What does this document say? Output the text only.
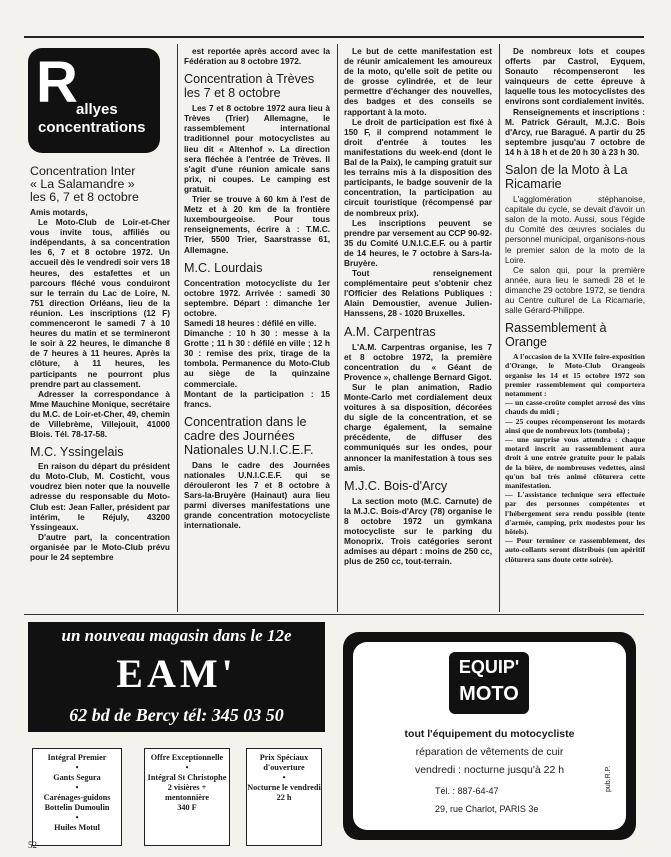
R
allyes
concentrations
Concentration Inter
« La Salamandre »
les 6, 7 et 8 octobre

Amis motards,

Le Moto-Club de Loir-et-Cher vous invite tous, affiliés ou indépendants, à sa concentration les 6, 7 et 8 octobre 1972. Un accueil dès le vendredi soir vers 18 heures, des estafettes et un parcours fléché vous conduiront sur le terrain du Lac de Loire, N. 751 direction Orléans, lieu de la réunion. Les inscriptions (12 F) commenceront le samedi 7 à 10 heures du matin et se termineront le soir à 22 heures, le dimanche 8 de 7 heures à 11 heures. Après la clôture, à 11 heures, les participants ne pourront plus prendre part au classement.

Adresser la correspondance à Mme Mauchine Monique, secrétaire du M.C. de Loir-et-Cher, 49, chemin de Villebrème, Villejouit, 41000 Blois. Tél. 78-17-58.

M.C. Yssingelais

En raison du départ du président du Moto-Club, M. Costicht, vous voudrez bien noter que la nouvelle adresse du responsable du Moto-Club est: Jean Faller, président par intérim, le Réjuly, 43200 Yssingeaux.

D'autre part, la concentration organisée par le Moto-Club prévu pour le 24 septembre

est reportée après accord avec la Fédération au 8 octobre 1972.

Concentration à Trèves
les 7 et 8 octobre

Les 7 et 8 octobre 1972 aura lieu à Trèves (Trier) Allemagne, le rassemblement international traditionnel pour motocyclistes au lieu dit « Altenhof ». La direction sera fléchée à l'entrée de Trèves. Il s'agit d'une réunion amicale sans prix, ni coupes. Le camping est gratuit.

Trier se trouve à 60 km à l'est de Metz et à 20 km de la frontière luxembourgeoise. Pour tous renseignements, écrire à : T.M.C. Trier, 5500 Trier, Saarstrasse 61, Allemagne.

M.C. Lourdais

Concentration motocycliste du 1er octobre 1972. Arrivée : samedi 30 septembre. Départ : dimanche 1er octobre.

Samedi 18 heures : défilé en ville.

Dimanche : 10 h 30 : messe à la Grotte ; 11 h 30 : défilé en ville ; 12 h 30 : remise des prix, tirage de la tombola. Permanence du Moto-Club au siège de la quinzaine commerciale.

Montant de la participation : 15 francs.

Concentration dans le cadre des Journées Nationales U.N.I.C.E.F.

Dans le cadre des Journées nationales U.N.I.C.E.F. qui se dérouleront les 7 et 8 octobre à Sars-la-Bruyère (Hainaut) aura lieu parmi diverses manifestations une grande concentration motocycliste internationale.

Le but de cette manifestation est de réunir amicalement les amoureux de la moto, qu'elle soit de petite ou de grosse cylindrée, et de leur permettre d'échanger des nouvelles, des badges et des conseils se rapportant à la moto.

Le droit de participation est fixé à 150 F, il comprend notamment le droit d'entrée à toutes les manifestations du week-end (dont le Bal de la Paix), le camping gratuit sur les terrains mis à la disposition des participants, le badge souvenir de la concentration, la participation au circuit touristique (récompensé par de nombreux prix).

Les inscriptions peuvent se prendre par versement au CCP 90-92-35 du Comité U.N.I.C.E.F. ou à partir de 14 heures, le 7 octobre à Sars-la-Bruyère.

Tout renseignement complémentaire peut s'obtenir chez l'Officier des Relations Publiques : Alain Demoustier, avenue Julien-Hanssens, 28 - 1020 Bruxelles.

A.M. Carpentras

L'A.M. Carpentras organise, les 7 et 8 octobre 1972, la première concentration du « Géant de Provence », challenge Bernard Gigot.

Sur le plan animation, Radio Monte-Carlo met cordialement deux voitures à sa disposition, décorées du sigle de la concentration, et se charge également, la semaine précédente, de diffuser des communiqués sur les ondes, pour annoncer la manifestation à tous ses amis.

M.J.C. Bois-d'Arcy

La section moto (M.C. Carnute) de la M.J.C. Bois-d'Arcy (78) organise le 8 octobre 1972 un gymkana motocycliste sur le parking du Monoprix. Trois catégories seront admises au départ : moins de 250 cc, plus de 250 cc, tout-terrain.

De nombreux lots et coupes offerts par Castrol, Eyquem, Sonauto récompenseront les vainqueurs de cette épreuve à laquelle tous les motocyclistes des environs sont cordialement invités.

Renseignements et inscriptions : M. Patrick Gérault, M.J.C. Bois d'Arcy, rue Baragué. A partir du 25 septembre jusqu'au 7 octobre de 14 h à 18 h et de 20 h 30 à 23 h 30.

Salon de la Moto à La Ricamarie

L'agglomération stéphanoise, capitale du cycle, se devait d'avoir un salon de la moto. Aussi, sous l'égide du Comité des œuvres sociales du personnel municipal, organisons-nous le premier salon de la moto de la Loire.

Ce salon qui, pour la première année, aura lieu le samedi 28 et le dimanche 29 octobre 1972, se tiendra au Centre culturel de La Ricamarie, salle Gérard-Philippe.

Rassemblement à Orange

A l'occasion de la XVIIe foire-exposition d'Orange, le Moto-Club Orangeois organise les 14 et 15 octobre 1972 son premier rassemblement qui comportera notamment :

— un casse-croûte complet arrosé des vins chauds du midi ;

— 25 coupes récompenseront les motards ainsi que de nombreux lots (tombola) ;

— une surprise vous attendra : chaque motard inscrit au rassemblement aura droit à une entrée gratuite pour le palais de la bière, de nombreuses vedettes, ainsi qu'un bal très animé clôturera cette manifestation.

— L'assistance technique sera effectuée par des personnes compétentes et l'hébergement sera rendu possible (tente d'armée, camping, prix modestes pour les hôtels).

— Pour terminer ce rassemblement, des auto-collants seront distribués (un apéritif clôturera sans doute cette soirée).

un nouveau magasin dans le 12e
EAM'
62 bd de Bercy tél: 345 03 50
Intégral Premier
•
Gants Segura
•
Carénages-guidons Bottelin Dumoulin
•
Huiles Motul
Offre Exceptionnelle
•
Intégral St Christophe 2 visières + mentonnière
340 F
Prix Spéciaux d'ouverture
•
Nocturne le vendredi 22 h
EQUIP'
MOTO
tout l'équipement du motocycliste
réparation de vêtements de cuir
vendredi : nocturne jusqu'à 22 h
Tél. : 887-64-47
29, rue Charlot, PARIS 3e
pub.R.P.
52
